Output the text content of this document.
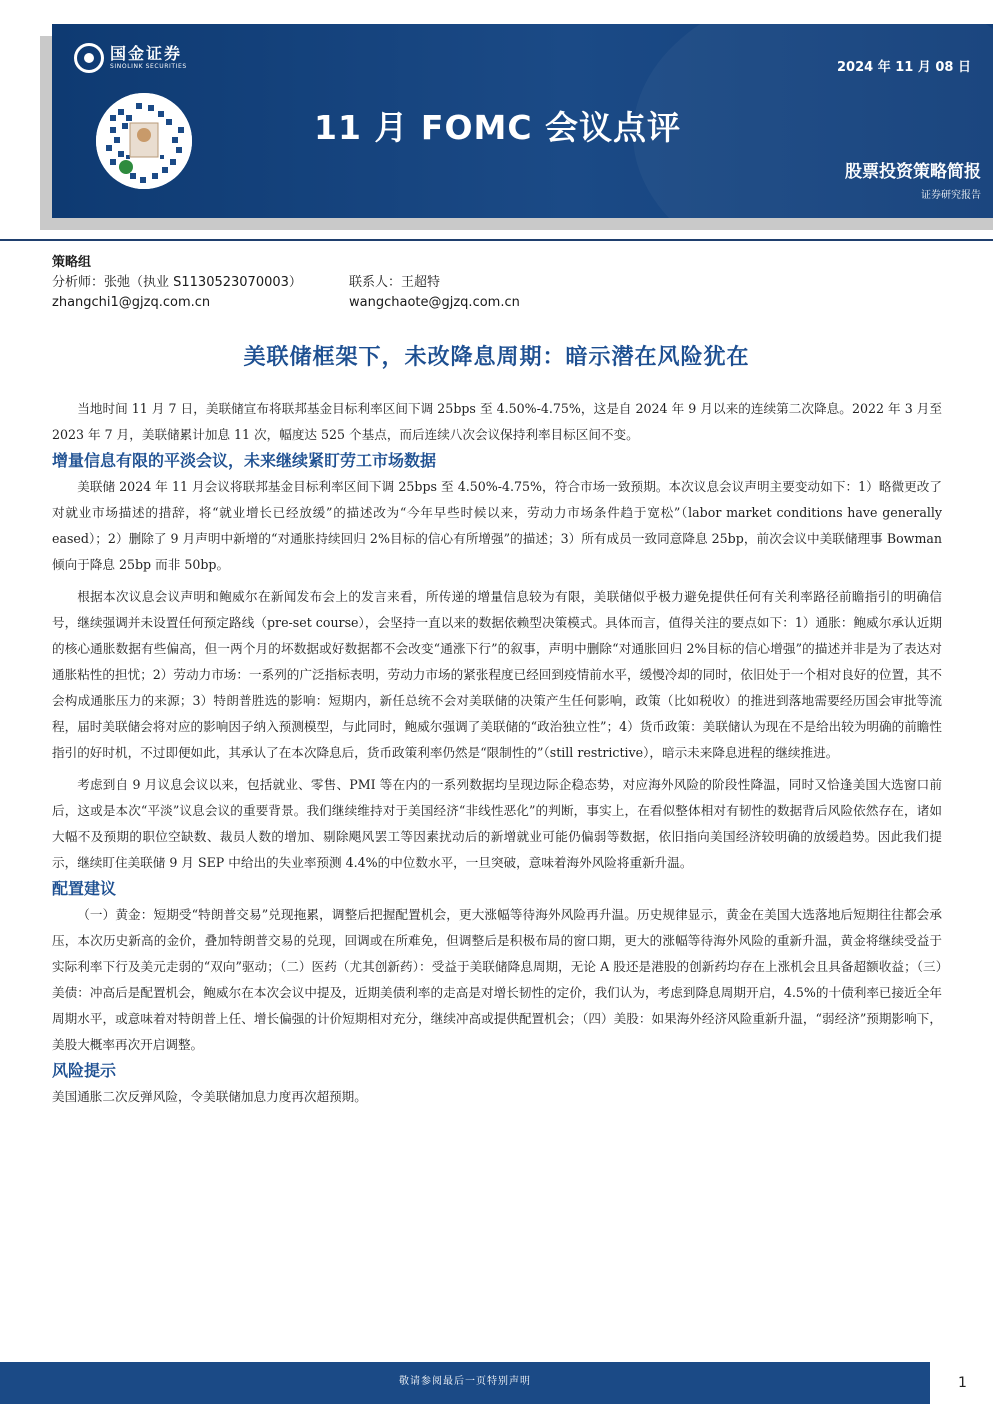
国金证券
SINOLINK SECURITIES	2024 年 11 月 08 日
11 月 FOMC 会议点评
股票投资策略简报
证券研究报告
策略组
分析师：张弛（执业 S1130523070003）	联系人：王超特
zhangchi1@gjzq.com.cn	wangchaote@gjzq.com.cn
美联储框架下，未改降息周期：暗示潜在风险犹在

当地时间 11 月 7 日，美联储宣布将联邦基金目标利率区间下调 25bps 至 4.50%-4.75%，这是自 2024 年 9 月以来的连续第二次降息。2022 年 3 月至 2023 年 7 月，美联储累计加息 11 次，幅度达 525 个基点，而后连续八次会议保持利率目标区间不变。

增量信息有限的平淡会议，未来继续紧盯劳工市场数据

美联储 2024 年 11 月会议将联邦基金目标利率区间下调 25bps 至 4.50%-4.75%，符合市场一致预期。本次议息会议声明主要变动如下：1）略微更改了对就业市场描述的措辞，将“就业增长已经放缓”的描述改为“今年早些时候以来，劳动力市场条件趋于宽松”（labor market conditions have generally eased）；2）删除了 9 月声明中新增的“对通胀持续回归 2%目标的信心有所增强”的描述；3）所有成员一致同意降息 25bp，前次会议中美联储理事 Bowman 倾向于降息 25bp 而非 50bp。

根据本次议息会议声明和鲍威尔在新闻发布会上的发言来看，所传递的增量信息较为有限，美联储似乎极力避免提供任何有关利率路径前瞻指引的明确信号，继续强调并未设置任何预定路线（pre-set course），会坚持一直以来的数据依赖型决策模式。具体而言，值得关注的要点如下：1）通胀：鲍威尔承认近期的核心通胀数据有些偏高，但一两个月的坏数据或好数据都不会改变“通涨下行”的叙事，声明中删除“对通胀回归 2%目标的信心增强”的描述并非是为了表达对通胀粘性的担忧；2）劳动力市场：一系列的广泛指标表明，劳动力市场的紧张程度已经回到疫情前水平，缓慢冷却的同时，依旧处于一个相对良好的位置，其不会构成通胀压力的来源；3）特朗普胜选的影响：短期内，新任总统不会对美联储的决策产生任何影响，政策（比如税收）的推进到落地需要经历国会审批等流程，届时美联储会将对应的影响因子纳入预测模型，与此同时，鲍威尔强调了美联储的“政治独立性”；4）货币政策：美联储认为现在不是给出较为明确的前瞻性指引的好时机，不过即便如此，其承认了在本次降息后，货币政策利率仍然是“限制性的”（still restrictive），暗示未来降息进程的继续推进。

考虑到自 9 月议息会议以来，包括就业、零售、PMI 等在内的一系列数据均呈现边际企稳态势，对应海外风险的阶段性降温，同时又恰逢美国大选窗口前后，这或是本次“平淡”议息会议的重要背景。我们继续维持对于美国经济“非线性恶化”的判断，事实上，在看似整体相对有韧性的数据背后风险依然存在，诸如大幅不及预期的职位空缺数、裁员人数的增加、剔除飓风罢工等因素扰动后的新增就业可能仍偏弱等数据，依旧指向美国经济较明确的放缓趋势。因此我们提示，继续盯住美联储 9 月 SEP 中给出的失业率预测 4.4%的中位数水平，一旦突破，意味着海外风险将重新升温。

配置建议

（一）黄金：短期受“特朗普交易”兑现拖累，调整后把握配置机会，更大涨幅等待海外风险再升温。历史规律显示，黄金在美国大选落地后短期往往都会承压，本次历史新高的金价，叠加特朗普交易的兑现，回调或在所难免，但调整后是积极布局的窗口期，更大的涨幅等待海外风险的重新升温，黄金将继续受益于实际利率下行及美元走弱的“双向”驱动；（二）医药（尤其创新药）：受益于美联储降息周期，无论 A 股还是港股的创新药均存在上涨机会且具备超额收益；（三）美债：冲高后是配置机会，鲍威尔在本次会议中提及，近期美债利率的走高是对增长韧性的定价，我们认为，考虑到降息周期开启，4.5%的十债利率已接近全年周期水平，或意味着对特朗普上任、增长偏强的计价短期相对充分，继续冲高或提供配置机会；（四）美股：如果海外经济风险重新升温，“弱经济”预期影响下，美股大概率再次开启调整。

风险提示

美国通胀二次反弹风险，令美联储加息力度再次超预期。

敬请参阅最后一页特别声明	1
